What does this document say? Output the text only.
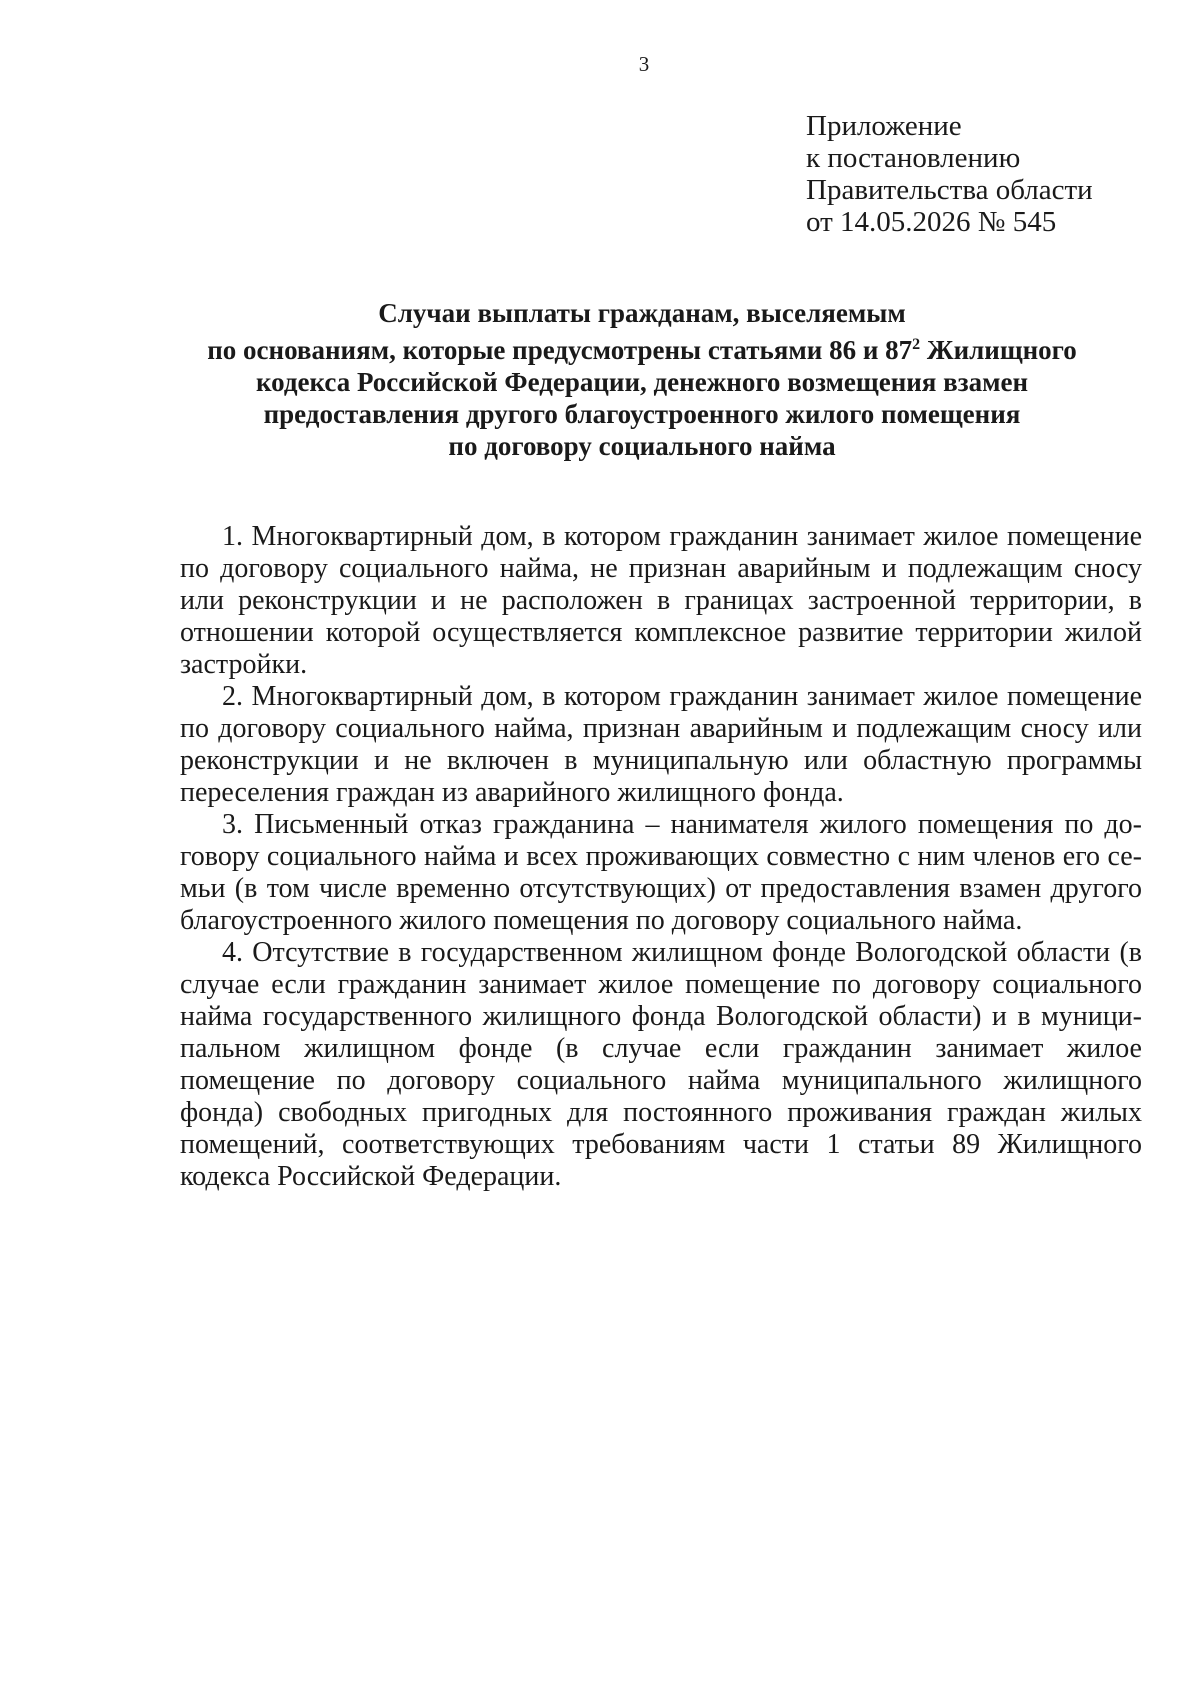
3
Приложение
к постановлению
Правительства области
от 14.05.2026 № 545
Случаи выплаты гражданам, выселяемым
по основаниям, которые предусмотрены статьями 86 и $87^2$ Жилищного
кодекса Российской Федерации, денежного возмещения взамен
предоставления другого благоустроенного жилого помещения
по договору социального найма

1. Многоквартирный дом, в котором гражданин занимает жилое помещение по договору социального найма, не признан аварийным и подлежащим сносу или реконструкции и не расположен в границах застроенной территории, в отношении которой осуществляется комплексное развитие территории жилой застройки.

2. Многоквартирный дом, в котором гражданин занимает жилое помещение по договору социального найма, признан аварийным и подлежащим сносу или реконструкции и не включен в муниципальную или областную программы переселения граждан из аварийного жилищного фонда.

3. Письменный отказ гражданина – нанимателя жилого помещения по договору социального найма и всех проживающих совместно с ним членов его семьи (в том числе временно отсутствующих) от предоставления взамен другого благоустроенного жилого помещения по договору социального найма.

4. Отсутствие в государственном жилищном фонде Вологодской области (в случае если гражданин занимает жилое помещение по договору социального найма государственного жилищного фонда Вологодской области) и в муниципальном жилищном фонде (в случае если гражданин занимает жилое помещение по договору социального найма муниципального жилищного фонда) свободных пригодных для постоянного проживания граждан жилых помещений, соответствующих требованиям части 1 статьи 89 Жилищного кодекса Российской Федерации.
